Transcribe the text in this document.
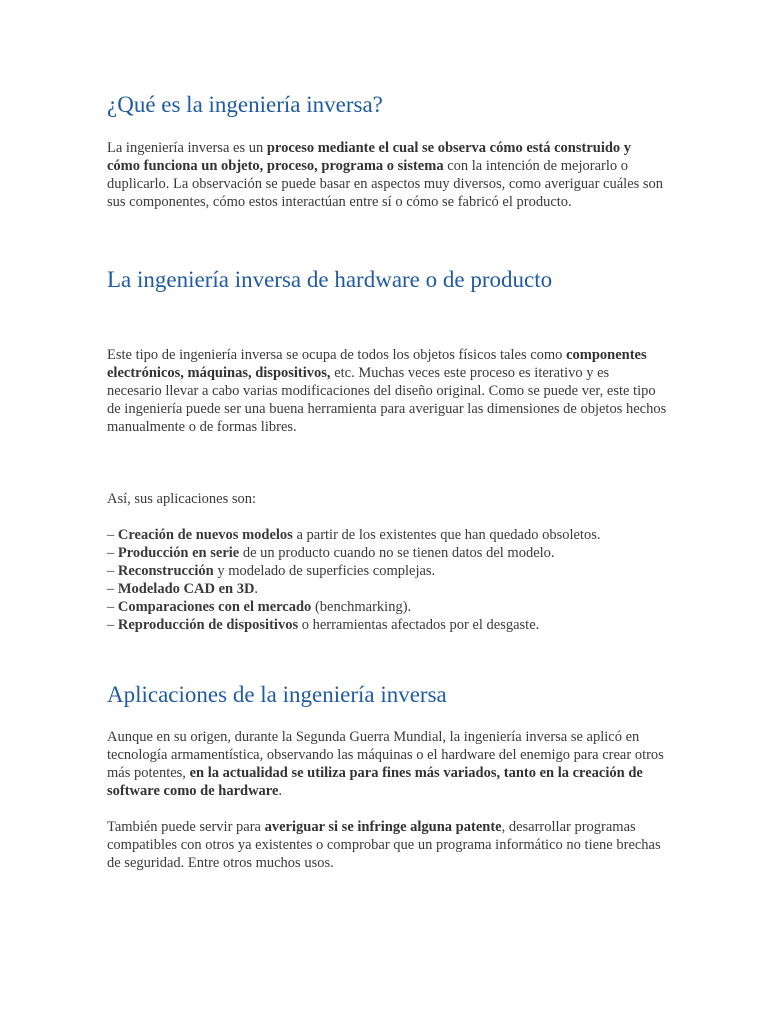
¿Qué es la ingeniería inversa?

La ingeniería inversa es un proceso mediante el cual se observa cómo está construido y cómo funciona un objeto, proceso, programa o sistema con la intención de mejorarlo o duplicarlo. La observación se puede basar en aspectos muy diversos, como averiguar cuáles son sus componentes, cómo estos interactúan entre sí o cómo se fabricó el producto.

La ingeniería inversa de hardware o de producto

Este tipo de ingeniería inversa se ocupa de todos los objetos físicos tales como componentes electrónicos, máquinas, dispositivos, etc. Muchas veces este proceso es iterativo y es necesario llevar a cabo varias modificaciones del diseño original. Como se puede ver, este tipo de ingeniería puede ser una buena herramienta para averiguar las dimensiones de objetos hechos manualmente o de formas libres.

Así, sus aplicaciones son:

– Creación de nuevos modelos a partir de los existentes que han quedado obsoletos.
– Producción en serie de un producto cuando no se tienen datos del modelo.
– Reconstrucción y modelado de superficies complejas.
– Modelado CAD en 3D.
– Comparaciones con el mercado (benchmarking).
– Reproducción de dispositivos o herramientas afectados por el desgaste.
Aplicaciones de la ingeniería inversa

Aunque en su origen, durante la Segunda Guerra Mundial, la ingeniería inversa se aplicó en tecnología armamentística, observando las máquinas o el hardware del enemigo para crear otros más potentes, en la actualidad se utiliza para fines más variados, tanto en la creación de software como de hardware.

También puede servir para averiguar si se infringe alguna patente, desarrollar programas compatibles con otros ya existentes o comprobar que un programa informático no tiene brechas de seguridad. Entre otros muchos usos.
